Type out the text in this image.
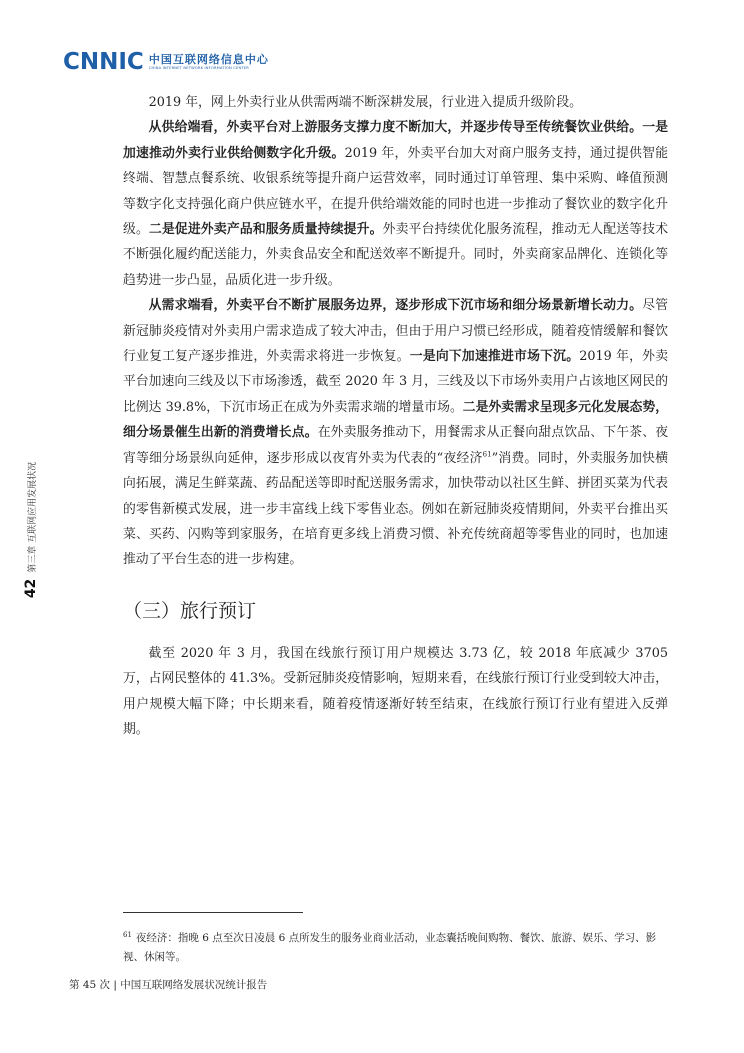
CNNIC 中国互联网络信息中心
CHINA INTERNET NETWORK INFORMATION CENTER
42
第三章 互联网应用发展状况

2019 年，网上外卖行业从供需两端不断深耕发展，行业进入提质升级阶段。

从供给端看，外卖平台对上游服务支撑力度不断加大，并逐步传导至传统餐饮业供给。一是加速推动外卖行业供给侧数字化升级。2019 年，外卖平台加大对商户服务支持，通过提供智能终端、智慧点餐系统、收银系统等提升商户运营效率，同时通过订单管理、集中采购、峰值预测等数字化支持强化商户供应链水平，在提升供给端效能的同时也进一步推动了餐饮业的数字化升级。二是促进外卖产品和服务质量持续提升。外卖平台持续优化服务流程，推动无人配送等技术不断强化履约配送能力，外卖食品安全和配送效率不断提升。同时，外卖商家品牌化、连锁化等趋势进一步凸显，品质化进一步升级。

从需求端看，外卖平台不断扩展服务边界，逐步形成下沉市场和细分场景新增长动力。尽管新冠肺炎疫情对外卖用户需求造成了较大冲击，但由于用户习惯已经形成，随着疫情缓解和餐饮行业复工复产逐步推进，外卖需求将进一步恢复。一是向下加速推进市场下沉。2019 年，外卖平台加速向三线及以下市场渗透，截至 2020 年 3 月，三线及以下市场外卖用户占该地区网民的比例达 39.8%，下沉市场正在成为外卖需求端的增量市场。二是外卖需求呈现多元化发展态势，细分场景催生出新的消费增长点。在外卖服务推动下，用餐需求从正餐向甜点饮品、下午茶、夜宵等细分场景纵向延伸，逐步形成以夜宵外卖为代表的“夜经济$^{61}$”消费。同时，外卖服务加快横向拓展，满足生鲜菜蔬、药品配送等即时配送服务需求，加快带动以社区生鲜、拼团买菜为代表的零售新模式发展，进一步丰富线上线下零售业态。例如在新冠肺炎疫情期间，外卖平台推出买菜、买药、闪购等到家服务，在培育更多线上消费习惯、补充传统商超等零售业的同时，也加速推动了平台生态的进一步构建。

（三）旅行预订

截至 2020 年 3 月，我国在线旅行预订用户规模达 3.73 亿，较 2018 年底减少 3705 万，占网民整体的 41.3%。受新冠肺炎疫情影响，短期来看，在线旅行预订行业受到较大冲击，用户规模大幅下降；中长期来看，随着疫情逐渐好转至结束，在线旅行预订行业有望进入反弹期。

$^{61}$ 夜经济：指晚 6 点至次日凌晨 6 点所发生的服务业商业活动，业态囊括晚间购物、餐饮、旅游、娱乐、学习、影视、休闲等。
第 45 次 | 中国互联网络发展状况统计报告
